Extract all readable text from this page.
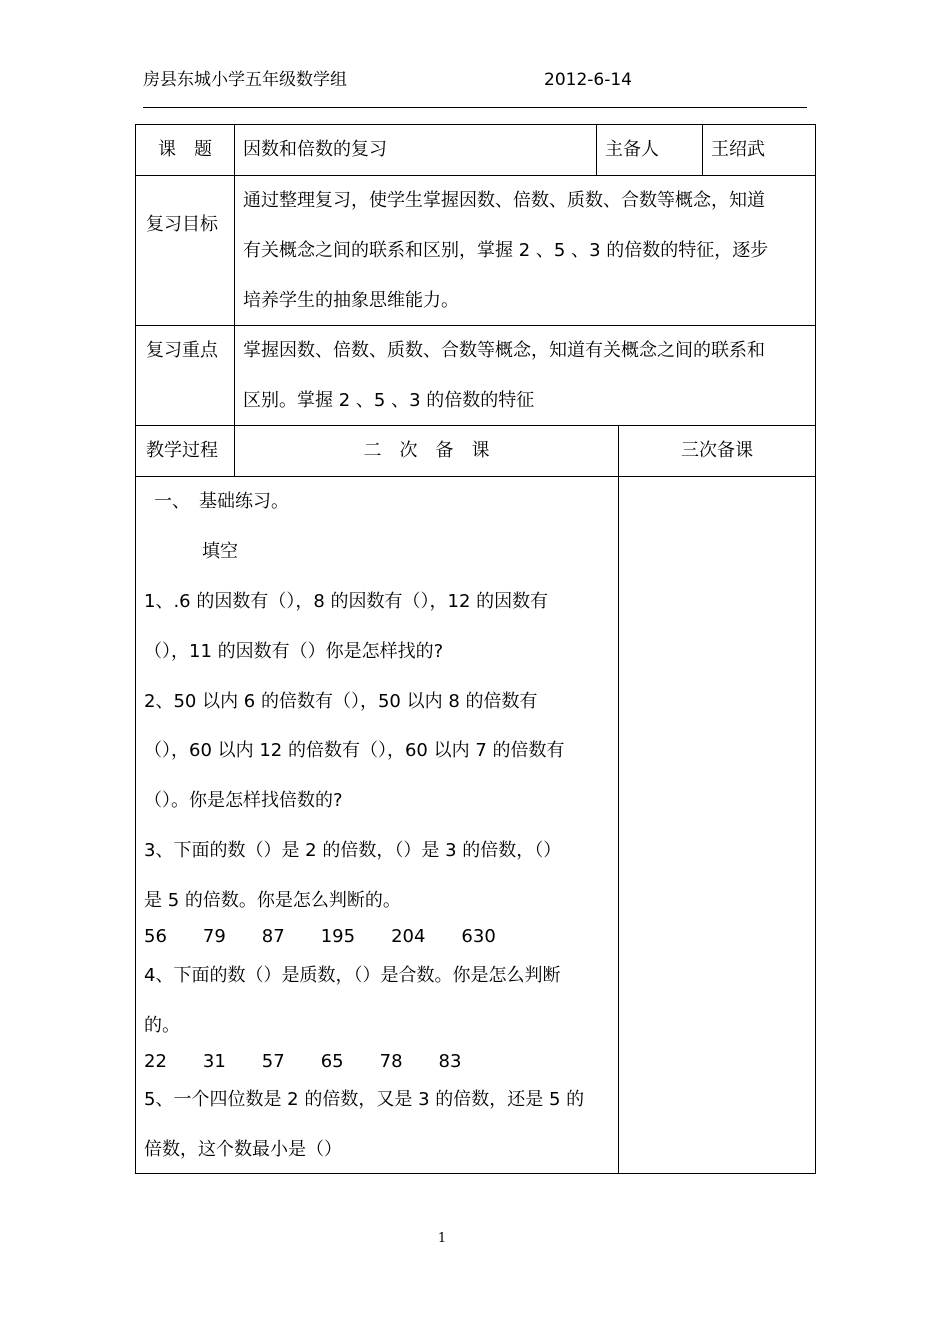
房县东城小学五年级数学组	2012-6-14
课　题	因数和倍数的复习	主备人	王绍武
复习目标
通过整理复习，使学生掌握因数、倍数、质数、合数等概念，知道
有关概念之间的联系和区别，掌握 2 、5 、3 的倍数的特征，逐步
培养学生的抽象思维能力。
复习重点 掌握因数、倍数、质数、合数等概念，知道有关概念之间的联系和
区别。掌握 2 、5 、3 的倍数的特征
教学过程	二　次　备　课	三次备课
一、　基础练习。
　　填空
1、.6 的因数有（），8 的因数有（），12 的因数有
（），11 的因数有（）你是怎样找的?
2、50 以内 6 的倍数有（），50 以内 8 的倍数有
（），60 以内 12 的倍数有（），60 以内 7 的倍数有
（）。你是怎样找倍数的?
3、下面的数（）是 2 的倍数，（）是 3 的倍数，（）
是 5 的倍数。你是怎么判断的。
56　　79　　87　　195　　204　　630
4、下面的数（）是质数，（）是合数。你是怎么判断
的。
22　　31　　57　　65　　78　　83
5、一个四位数是 2 的倍数，又是 3 的倍数，还是 5 的
倍数，这个数最小是（）
1
